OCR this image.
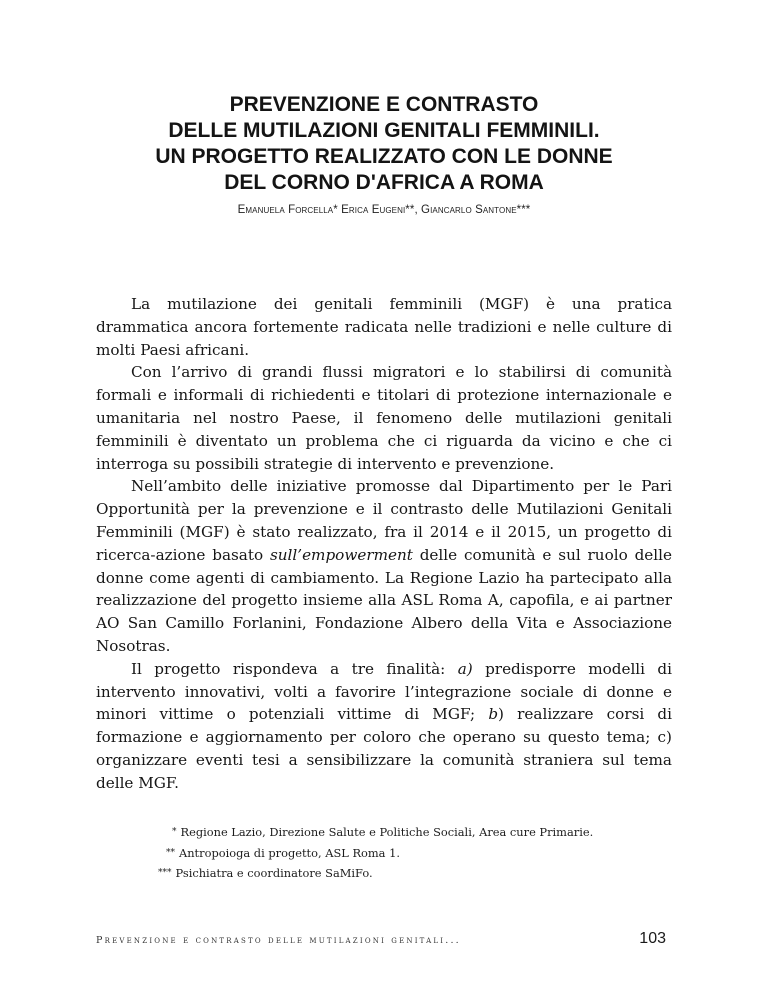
PREVENZIONE E CONTRASTO
DELLE MUTILAZIONI GENITALI FEMMINILI.
UN PROGETTO REALIZZATO CON LE DONNE
DEL CORNO D'AFRICA A ROMA
Emanuela Forcella* Erica Eugeni**, Giancarlo Santone***

La mutilazione dei genitali femminili (MGF) è una pratica drammatica ancora fortemente radicata nelle tradizioni e nelle culture di molti Paesi africani.

Con l’arrivo di grandi flussi migratori e lo stabilirsi di comunità formali e informali di richiedenti e titolari di protezione internazionale e umanitaria nel nostro Paese, il fenomeno delle mutilazioni genitali femminili è diventato un problema che ci riguarda da vicino e che ci interroga su possibili strategie di intervento e prevenzione.

Nell’ambito delle iniziative promosse dal Dipartimento per le Pari Opportunità per la prevenzione e il contrasto delle Mutilazioni Genitali Femminili (MGF) è stato realizzato, fra il 2014 e il 2015, un progetto di ricerca-azione basato sull’empowerment delle comunità e sul ruolo delle donne come agenti di cambiamento. La Regione Lazio ha partecipato alla realizzazione del progetto insieme alla ASL Roma A, capofila, e ai partner AO San Camillo Forlanini, Fondazione Albero della Vita e Associazione Nosotras.

Il progetto rispondeva a tre finalità: a) predisporre modelli di intervento innovativi, volti a favorire l’integrazione sociale di donne e minori vittime o potenziali vittime di MGF; b) realizzare corsi di formazione e aggiornamento per coloro che operano su questo tema; c) organizzare eventi tesi a sensibilizzare la comunità straniera sul tema delle MGF.

* Regione Lazio, Direzione Salute e Politiche Sociali, Area cure Primarie.
** Antropoioga di progetto, ASL Roma 1.
*** Psichiatra e coordinatore SaMiFo.
Prevenzione e contrasto delle mutilazioni genitali...	103
